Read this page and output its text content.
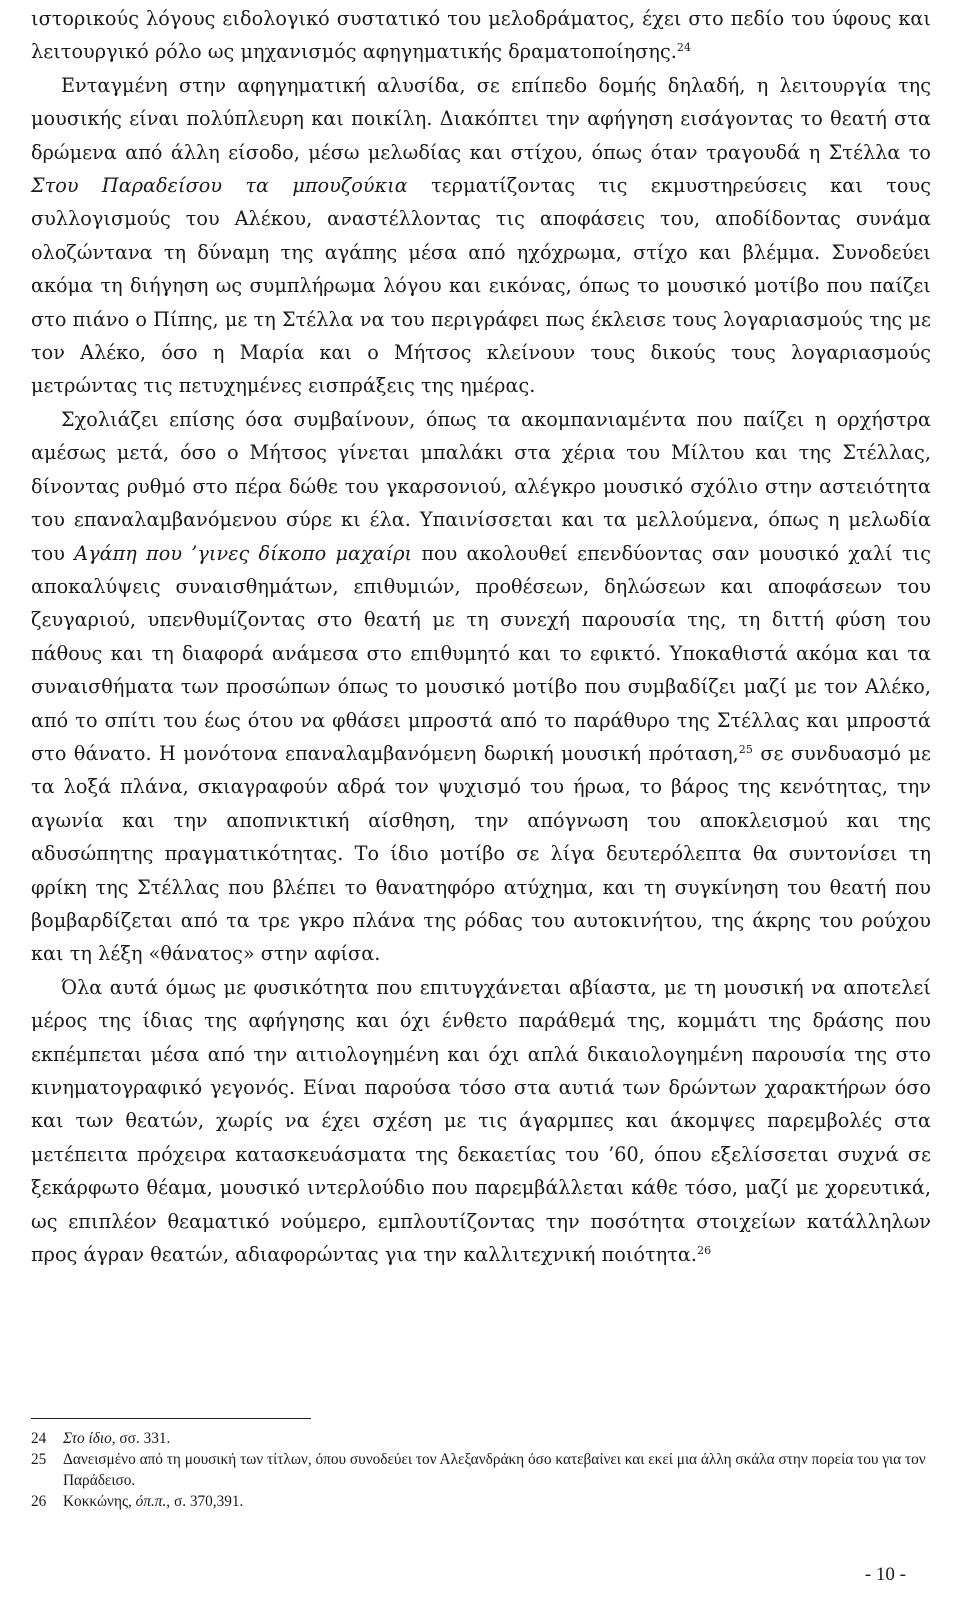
ιστορικούς λόγους ειδολογικό συστατικό του μελοδράματος, έχει στο πεδίο του ύφους και λειτουργικό ρόλο ως μηχανισμός αφηγηματικής δραματοποίησης.$^{24}$

Ενταγμένη στην αφηγηματική αλυσίδα, σε επίπεδο δομής δηλαδή, η λειτουργία της μουσικής είναι πολύπλευρη και ποικίλη. Διακόπτει την αφήγηση εισάγοντας το θεατή στα δρώμενα από άλλη είσοδο, μέσω μελωδίας και στίχου, όπως όταν τραγουδά η Στέλλα το Στου Παραδείσου τα μπουζούκια τερματίζοντας τις εκμυστηρεύσεις και τους συλλογισμούς του Αλέκου, αναστέλλοντας τις αποφάσεις του, αποδίδοντας συνάμα ολοζώντανα τη δύναμη της αγάπης μέσα από ηχόχρωμα, στίχο και βλέμμα. Συνοδεύει ακόμα τη διήγηση ως συμπλήρωμα λόγου και εικόνας, όπως το μουσικό μοτίβο που παίζει στο πιάνο ο Πίπης, με τη Στέλλα να του περιγράφει πως έκλεισε τους λογαριασμούς της με τον Αλέκο, όσο η Μαρία και ο Μήτσος κλείνουν τους δικούς τους λογαριασμούς μετρώντας τις πετυχημένες εισπράξεις της ημέρας.

Σχολιάζει επίσης όσα συμβαίνουν, όπως τα ακομπανιαμέντα που παίζει η ορχήστρα αμέσως μετά, όσο ο Μήτσος γίνεται μπαλάκι στα χέρια του Μίλτου και της Στέλλας, δίνοντας ρυθμό στο πέρα δώθε του γκαρσονιού, αλέγκρο μουσικό σχόλιο στην αστειότητα του επαναλαμβανόμενου σύρε κι έλα. Υπαινίσσεται και τα μελλούμενα, όπως η μελωδία του Αγάπη που ’γινες δίκοπο μαχαίρι που ακολουθεί επενδύοντας σαν μουσικό χαλί τις αποκαλύψεις συναισθημάτων, επιθυμιών, προθέσεων, δηλώσεων και αποφάσεων του ζευγαριού, υπενθυμίζοντας στο θεατή με τη συνεχή παρουσία της, τη διττή φύση του πάθους και τη διαφορά ανάμεσα στο επιθυμητό και το εφικτό. Υποκαθιστά ακόμα και τα συναισθήματα των προσώπων όπως το μουσικό μοτίβο που συμβαδίζει μαζί με τον Αλέκο, από το σπίτι του έως ότου να φθάσει μπροστά από το παράθυρο της Στέλλας και μπροστά στο θάνατο. Η μονότονα επαναλαμβανόμενη δωρική μουσική πρόταση,$^{25}$ σε συνδυασμό με τα λοξά πλάνα, σκιαγραφούν αδρά τον ψυχισμό του ήρωα, το βάρος της κενότητας, την αγωνία και την αποπνικτική αίσθηση, την απόγνωση του αποκλεισμού και της αδυσώπητης πραγματικότητας. Το ίδιο μοτίβο σε λίγα δευτερόλεπτα θα συντονίσει τη φρίκη της Στέλλας που βλέπει το θανατηφόρο ατύχημα, και τη συγκίνηση του θεατή που βομβαρδίζεται από τα τρε γκρο πλάνα της ρόδας του αυτοκινήτου, της άκρης του ρούχου και τη λέξη «θάνατος» στην αφίσα.

Όλα αυτά όμως με φυσικότητα που επιτυγχάνεται αβίαστα, με τη μουσική να αποτελεί μέρος της ίδιας της αφήγησης και όχι ένθετο παράθεμά της, κομμάτι της δράσης που εκπέμπεται μέσα από την αιτιολογημένη και όχι απλά δικαιολογημένη παρουσία της στο κινηματογραφικό γεγονός. Είναι παρούσα τόσο στα αυτιά των δρώντων χαρακτήρων όσο και των θεατών, χωρίς να έχει σχέση με τις άγαρμπες και άκομψες παρεμβολές στα μετέπειτα πρόχειρα κατασκευάσματα της δεκαετίας του ’60, όπου εξελίσσεται συχνά σε ξεκάρφωτο θέαμα, μουσικό ιντερλούδιο που παρεμβάλλεται κάθε τόσο, μαζί με χορευτικά, ως επιπλέον θεαματικό νούμερο, εμπλουτίζοντας την ποσότητα στοιχείων κατάλληλων προς άγραν θεατών, αδιαφορώντας για την καλλιτεχνική ποιότητα.$^{26}$

24	Στο ίδιο, σσ. 331.
25	Δανεισμένο από τη μουσική των τίτλων, όπου συνοδεύει τον Αλεξανδράκη όσο κατεβαίνει και εκεί μια άλλη σκάλα στην πορεία του για τον Παράδεισο.
26	Κοκκώνης, όπ.π., σ. 370,391.
- 10 -
